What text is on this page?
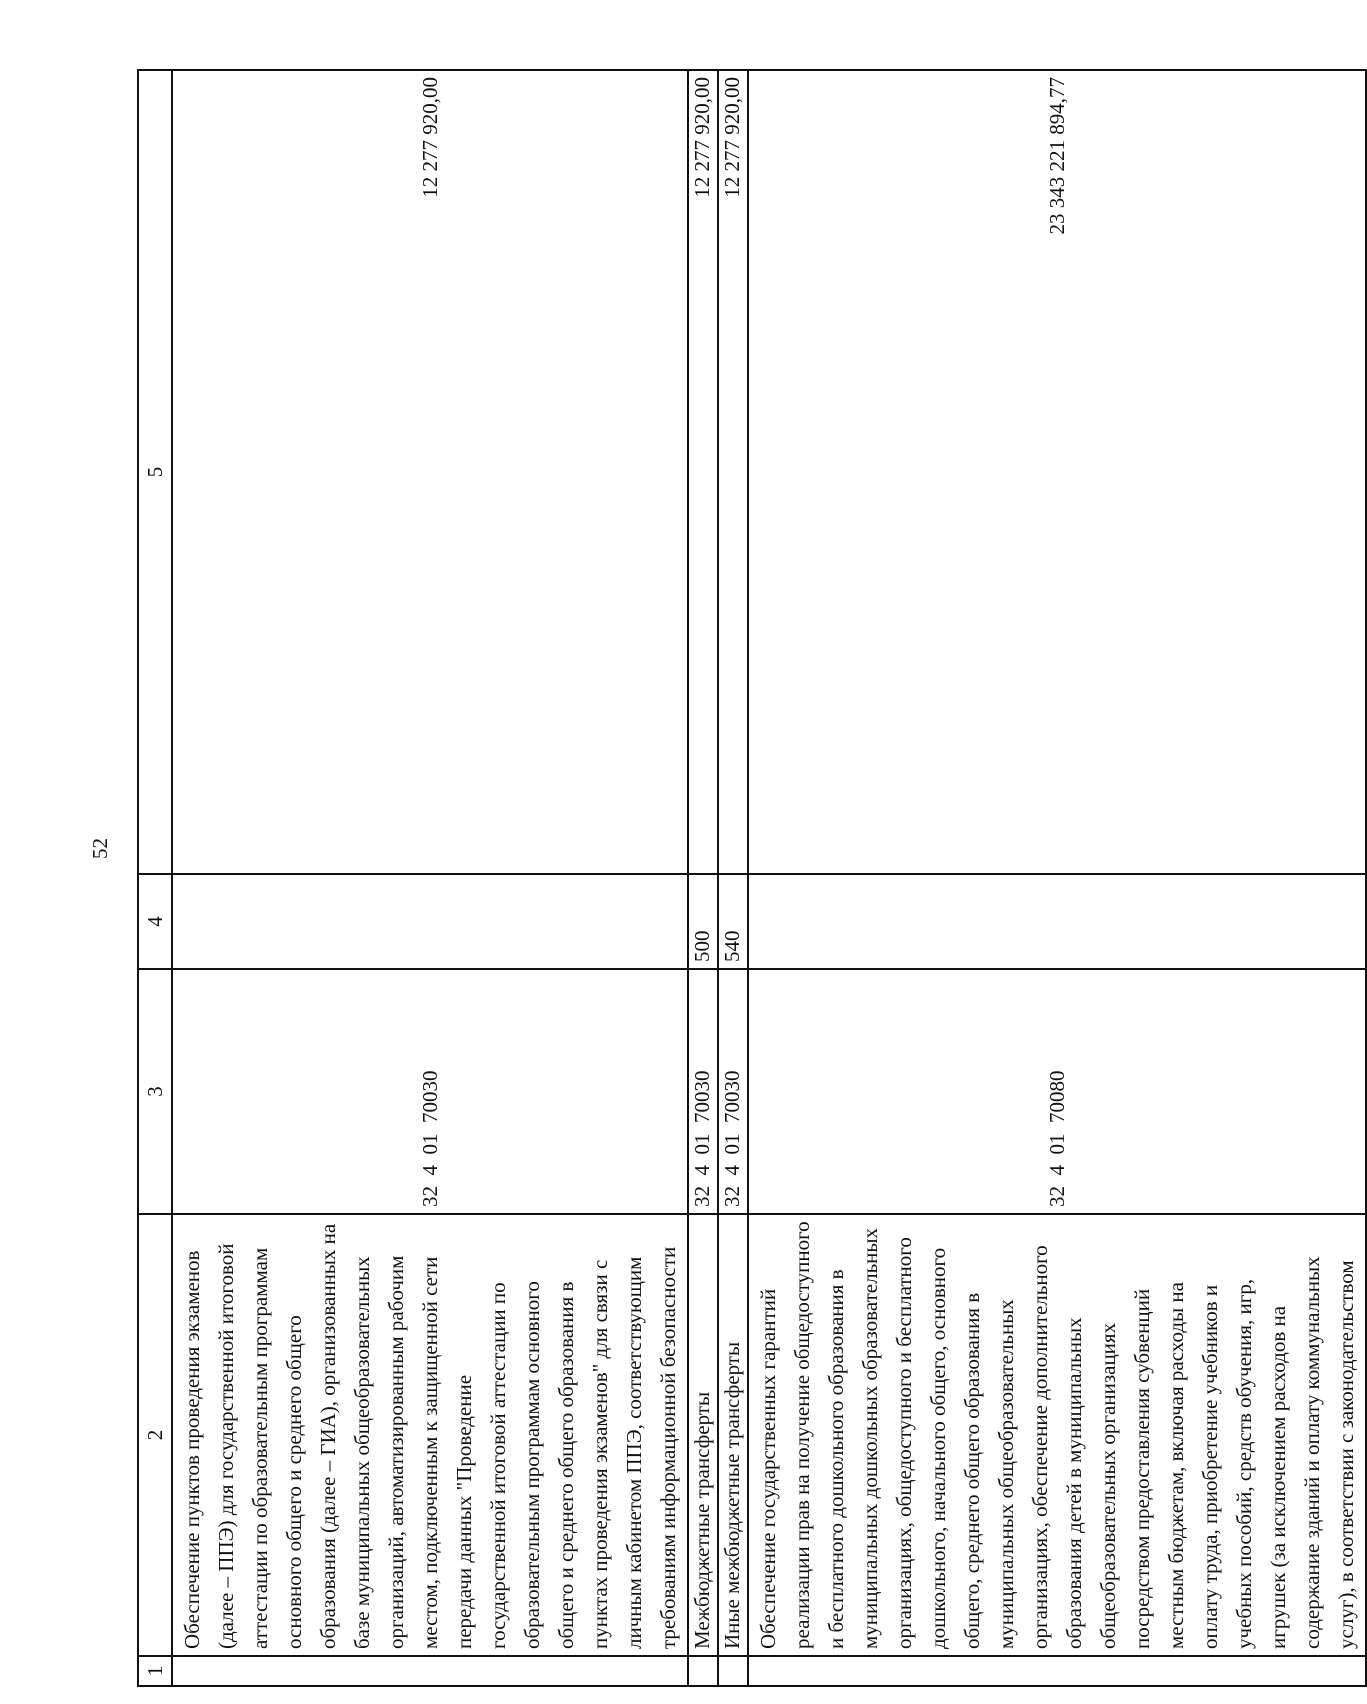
52
1	2	3	4	5
	Обеспечение пунктов проведения экзаменов (далее – ППЭ) для государственной итоговой аттестации по образовательным программам основного общего и среднего общего образования (далее – ГИА), организованных на базе муниципальных общеобразовательных организаций, автоматизированным рабочим местом, подключенным к защищенной сети передачи данных "Проведение государственной итоговой аттестации по образовательным программам основного общего и среднего общего образования в пунктах проведения экзаменов" для связи с личным кабинетом ППЭ, соответствующим требованиям информационной безопасности	32  4  01  70030		12 277 920,00
	Межбюджетные трансферты	32  4  01  70030	500	12 277 920,00
	Иные межбюджетные трансферты	32  4  01  70030	540	12 277 920,00
	Обеспечение государственных гарантий реализации прав на получение общедоступного и бесплатного дошкольного образования в муниципальных дошкольных образовательных организациях, общедоступного и бесплатного дошкольного, начального общего, основного общего, среднего общего образования в муниципальных общеобразовательных организациях, обеспечение дополнительного образования детей в муниципальных общеобразовательных организациях посредством предоставления субвенций местным бюджетам, включая расходы на оплату труда, приобретение учебников и учебных пособий, средств обучения, игр, игрушек (за исключением расходов на содержание зданий и оплату коммунальных услуг), в соответствии с законодательством	32  4  01  70080		23 343 221 894,77
